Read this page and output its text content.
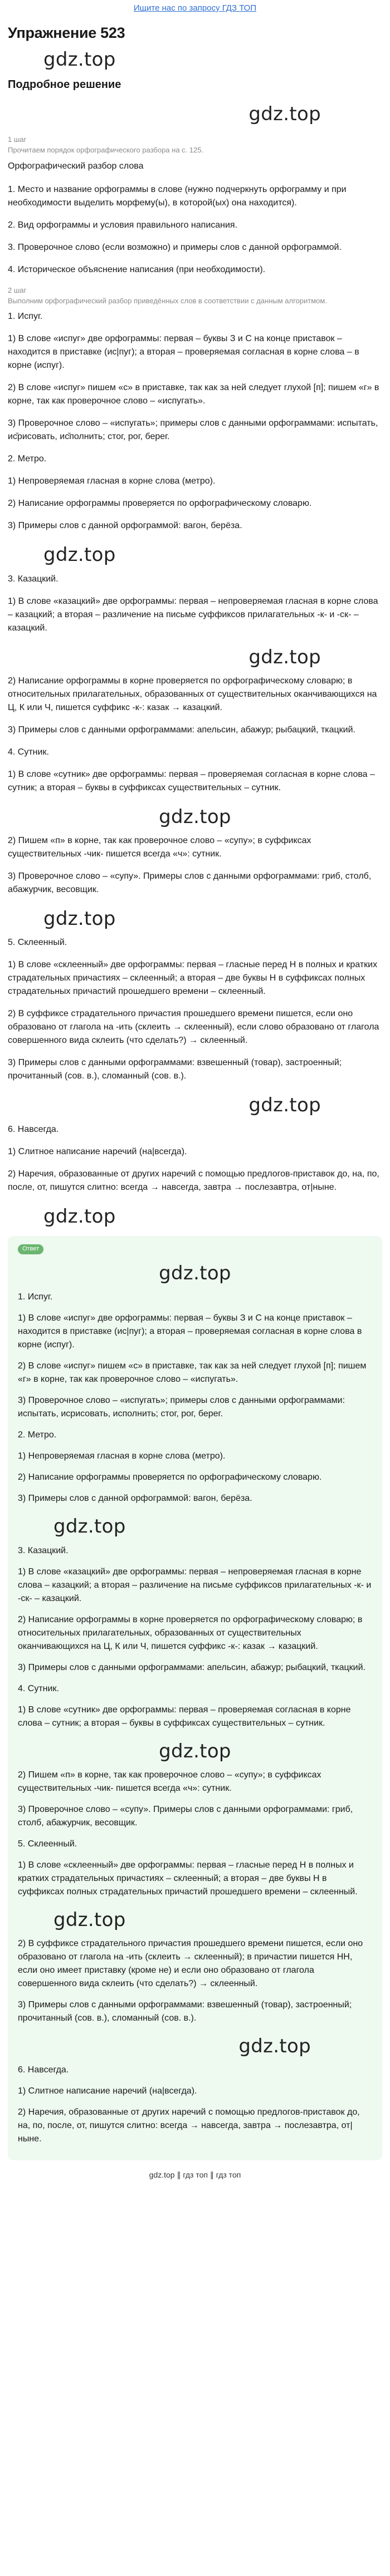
Ищите нас по запросу ГДЗ ТОП
Упражнение 523
gdz.top
Подробное решение
gdz.top
1 шаг
Прочитаем порядок орфографического разбора на с. 125.

Орфографический разбор слова

1. Место и название орфограммы в слове (нужно подчеркнуть орфограмму и при необходимости выделить морфему(ы), в которой(ых) она находится).

2. Вид орфограммы и условия правильного написания.

3. Проверочное слово (если возможно) и примеры слов с данной орфограммой.

4. Историческое объяснение написания (при необходимости).

2 шаг
Выполним орфографический разбор приведённых слов в соответствии с данным алгоритмом.

1. Испуг.

1) В слове «испуг» две орфограммы: первая – буквы З и С на конце приставок – находится в приставке (ис|пуг); а вторая – проверяемая согласная в корне слова – в корне (испуг).

2) В слове «испуг» пишем «с» в приставке, так как за ней следует глухой [п]; пишем «г» в корне, так как проверочное слово – «испугать».

3) Проверочное слово – «испугать»; примеры слов с данными орфограммами: испытать, ис̆рисовать, ис̆полнить; стог, рог, берег.

2. Метро.

1) Непроверяемая гласная в корне слова (метро).

2) Написание орфограммы проверяется по орфографическому словарю.

3) Примеры слов с данной орфограммой: вагон, берёза.

gdz.top

3. Казацкий.

1) В слове «казацкий» две орфограммы: первая – непроверяемая гласная в корне слова – казацкий; а вторая – различение на письме суффиксов прилагательных -к- и -ск- – казацкий.

gdz.top

2) Написание орфограммы в корне проверяется по орфографическому словарю; в относительных прилагательных, образованных от существительных оканчивающихся на Ц, К или Ч, пишется суффикс -к-: казак → казацкий.

3) Примеры слов с данными орфограммами: апельсин, абажур; рыбацкий, ткацкий.

4. Сутник.

1) В слове «сутник» две орфограммы: первая – проверяемая согласная в корне слова – сутник; а вторая – буквы в суффиксах существительных – сутник.

gdz.top

2) Пишем «п» в корне, так как проверочное слово – «супу»; в суффиксах существительных -чик- пишется всегда «ч»: сутник.

3) Проверочное слово – «супу». Примеры слов с данными орфограммами: гриб, столб, абажурчик, весовщик.

gdz.top

5. Склеенный.

1) В слове «склеенный» две орфограммы: первая – гласные перед Н в полных и кратких страдательных причастиях – склеенный; а вторая – две буквы Н в суффиксах полных страдательных причастий прошедшего времени – склеенный.

2) В суффиксе страдательного причастия прошедшего времени пишется, если оно образовано от глагола на -ить (склеить → склеенный), если слово образовано от глагола совершенного вида склеить (что сделать?) → склеенный.

3) Примеры слов с данными орфограммами: взвешенный (товар), застроенный; прочитанный (сов. в.), сломанный (сов. в.).

gdz.top

6. Навсегда.

1) Слитное написание наречий (на|всегда).

2) Наречия, образованные от других наречий с помощью предлогов-приставок до, на, по, после, от, пишутся слитно: всегда → навсегда, завтра → послезавтра, от|ныне.

gdz.top
Ответ
gdz.top

1. Испуг.

1) В слове «испуг» две орфограммы: первая – буквы З и С на конце приставок – находится в приставке (ис|пуг); а вторая – проверяемая согласная в корне слова в корне (испуг).

2) В слове «испуг» пишем «с» в приставке, так как за ней следует глухой [п]; пишем «г» в корне, так как проверочное слово – «испугать».

3) Проверочное слово – «испугать»; примеры слов с данными орфограммами: испытать, исрисовать, исполнить; стог, рог, берег.

2. Метро.

1) Непроверяемая гласная в корне слова (метро).

2) Написание орфограммы проверяется по орфографическому словарю.

3) Примеры слов с данной орфограммой: вагон, берёза.

gdz.top

3. Казацкий.

1) В слове «казацкий» две орфограммы: первая – непроверяемая гласная в корне слова – казацкий; а вторая – различение на письме суффиксов прилагательных -к- и -ск- – казацкий.

2) Написание орфограммы в корне проверяется по орфографическому словарю; в относительных прилагательных, образованных от существительных оканчивающихся на Ц, К или Ч, пишется суффикс -к-: казак → казацкий.

3) Примеры слов с данными орфограммами: апельсин, абажур; рыбацкий, ткацкий.

4. Сутник.

1) В слове «сутник» две орфограммы: первая – проверяемая согласная в корне слова – сутник; а вторая – буквы в суффиксах существительных – сутник.

gdz.top

2) Пишем «п» в корне, так как проверочное слово – «супу»; в суффиксах существительных -чик- пишется всегда «ч»: сутник.

3) Проверочное слово – «супу». Примеры слов с данными орфограммами: гриб, столб, абажурчик, весовщик.

5. Склеенный.

1) В слове «склеенный» две орфограммы: первая – гласные перед Н в полных и кратких страдательных причастиях – склеенный; а вторая – две буквы Н в суффиксах полных страдательных причастий прошедшего времени – склеенный.

gdz.top

2) В суффиксе страдательного причастия прошедшего времени пишется, если оно образовано от глагола на -ить (склеить → склеенный); в причастии пишется НН, если оно имеет приставку (кроме не) и если оно образовано от глагола совершенного вида склеить (что сделать?) → склеенный.

3) Примеры слов с данными орфограммами: взвешенный (товар), застроенный; прочитанный (сов. в.), сломанный (сов. в.).

gdz.top

6. Навсегда.

1) Слитное написание наречий (на|всегда).

2) Наречия, образованные от других наречий с помощью предлогов-приставок до, на, по, после, от, пишутся слитно: всегда → навсегда, завтра → послезавтра, от|ныне.

gdz.top ∥ гдз топ ∥ гдз топ
